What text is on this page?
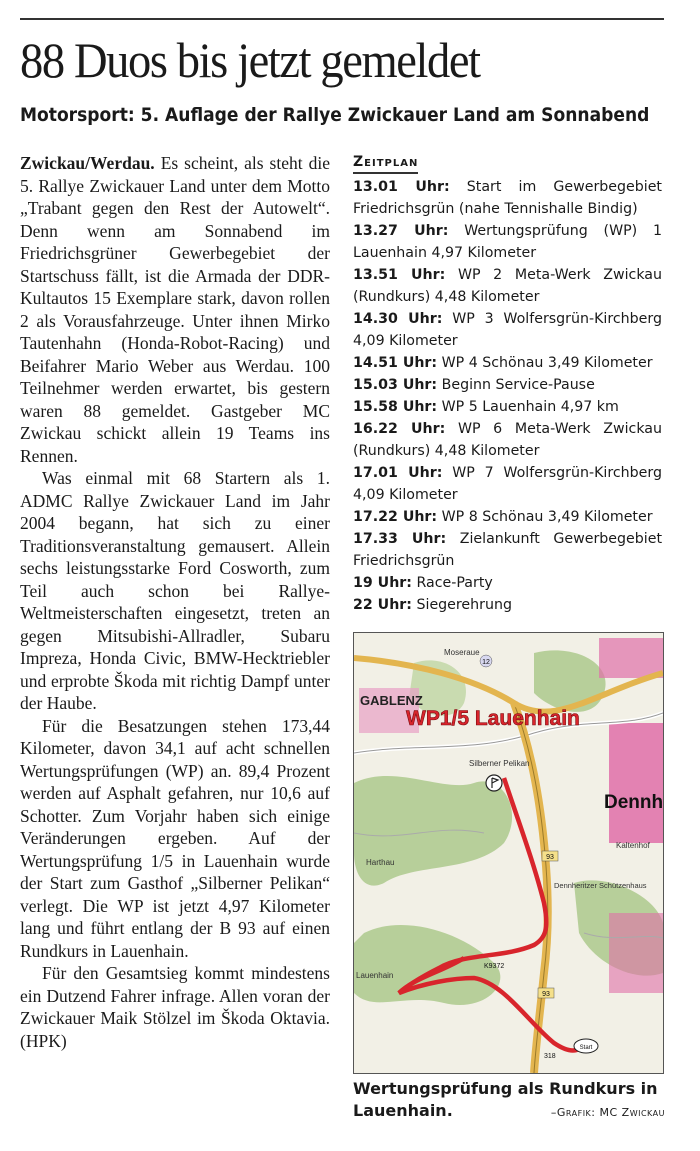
88 Duos bis jetzt gemeldet
Motorsport: 5. Auflage der Rallye Zwickauer Land am Sonnabend

Zwickau/Werdau. Es scheint, als steht die 5. Rallye Zwickauer Land unter dem Motto „Trabant gegen den Rest der Autowelt“. Denn wenn am Sonnabend im Friedrichsgrüner Gewerbegebiet der Startschuss fällt, ist die Armada der DDR-Kultautos 15 Exemplare stark, davon rollen 2 als Vorausfahrzeuge. Unter ihnen Mirko Tautenhahn (Honda-Robot-Racing) und Beifahrer Mario Weber aus Werdau. 100 Teilnehmer werden erwartet, bis gestern waren 88 gemeldet. Gastgeber MC Zwickau schickt allein 19 Teams ins Rennen.

Was einmal mit 68 Startern als 1. ADMC Rallye Zwickauer Land im Jahr 2004 begann, hat sich zu einer Traditionsveranstaltung gemausert. Allein sechs leistungsstarke Ford Cosworth, zum Teil auch schon bei Rallye-Weltmeisterschaften eingesetzt, treten an gegen Mitsubishi-Allradler, Subaru Impreza, Honda Civic, BMW-Hecktriebler und erprobte Škoda mit richtig Dampf unter der Haube.

Für die Besatzungen stehen 173,44 Kilometer, davon 34,1 auf acht schnellen Wertungsprüfungen (WP) an. 89,4 Prozent werden auf Asphalt gefahren, nur 10,6 auf Schotter. Zum Vorjahr haben sich einige Veränderungen ergeben. Auf der Wertungsprüfung 1/5 in Lauenhain wurde der Start zum Gasthof „Silberner Pelikan“ verlegt. Die WP ist jetzt 4,97 Kilometer lang und führt entlang der B 93 auf einen Rundkurs in Lauenhain.

Für den Gesamtsieg kommt mindestens ein Dutzend Fahrer infrage. Allen voran der Zwickauer Maik Stölzel im Škoda Oktavia. (HPK)

Zeitplan
13.01 Uhr: Start im Gewerbegebiet Friedrichsgrün (nahe Tennishalle Bindig)
13.27 Uhr: Wertungsprüfung (WP) 1 Lauenhain 4,97 Kilometer
13.51 Uhr: WP 2 Meta-Werk Zwickau (Rundkurs) 4,48 Kilometer
14.30 Uhr: WP 3 Wolfersgrün-Kirchberg 4,09 Kilometer
14.51 Uhr: WP 4 Schönau 3,49 Kilometer
15.03 Uhr: Beginn Service-Pause
15.58 Uhr: WP 5 Lauenhain 4,97 km
16.22 Uhr: WP 6 Meta-Werk Zwickau (Rundkurs) 4,48 Kilometer
17.01 Uhr: WP 7 Wolfersgrün-Kirchberg 4,09 Kilometer
17.22 Uhr: WP 8 Schönau 3,49 Kilometer
17.33 Uhr: Zielankunft Gewerbegebiet Friedrichsgrün
19 Uhr: Race-Party
22 Uhr: Siegerehrung
WP1/5 Lauenhain
GABLENZ
Dennh
Silberner Pelikan
Harthau
Dennheritzer Schützenhaus
Kaltenhof
Moseraue
Lauenhain
93
93
K9372
318
12
Start
Wertungsprüfung als Rundkurs in
Lauenhain.	–Grafik: MC Zwickau
